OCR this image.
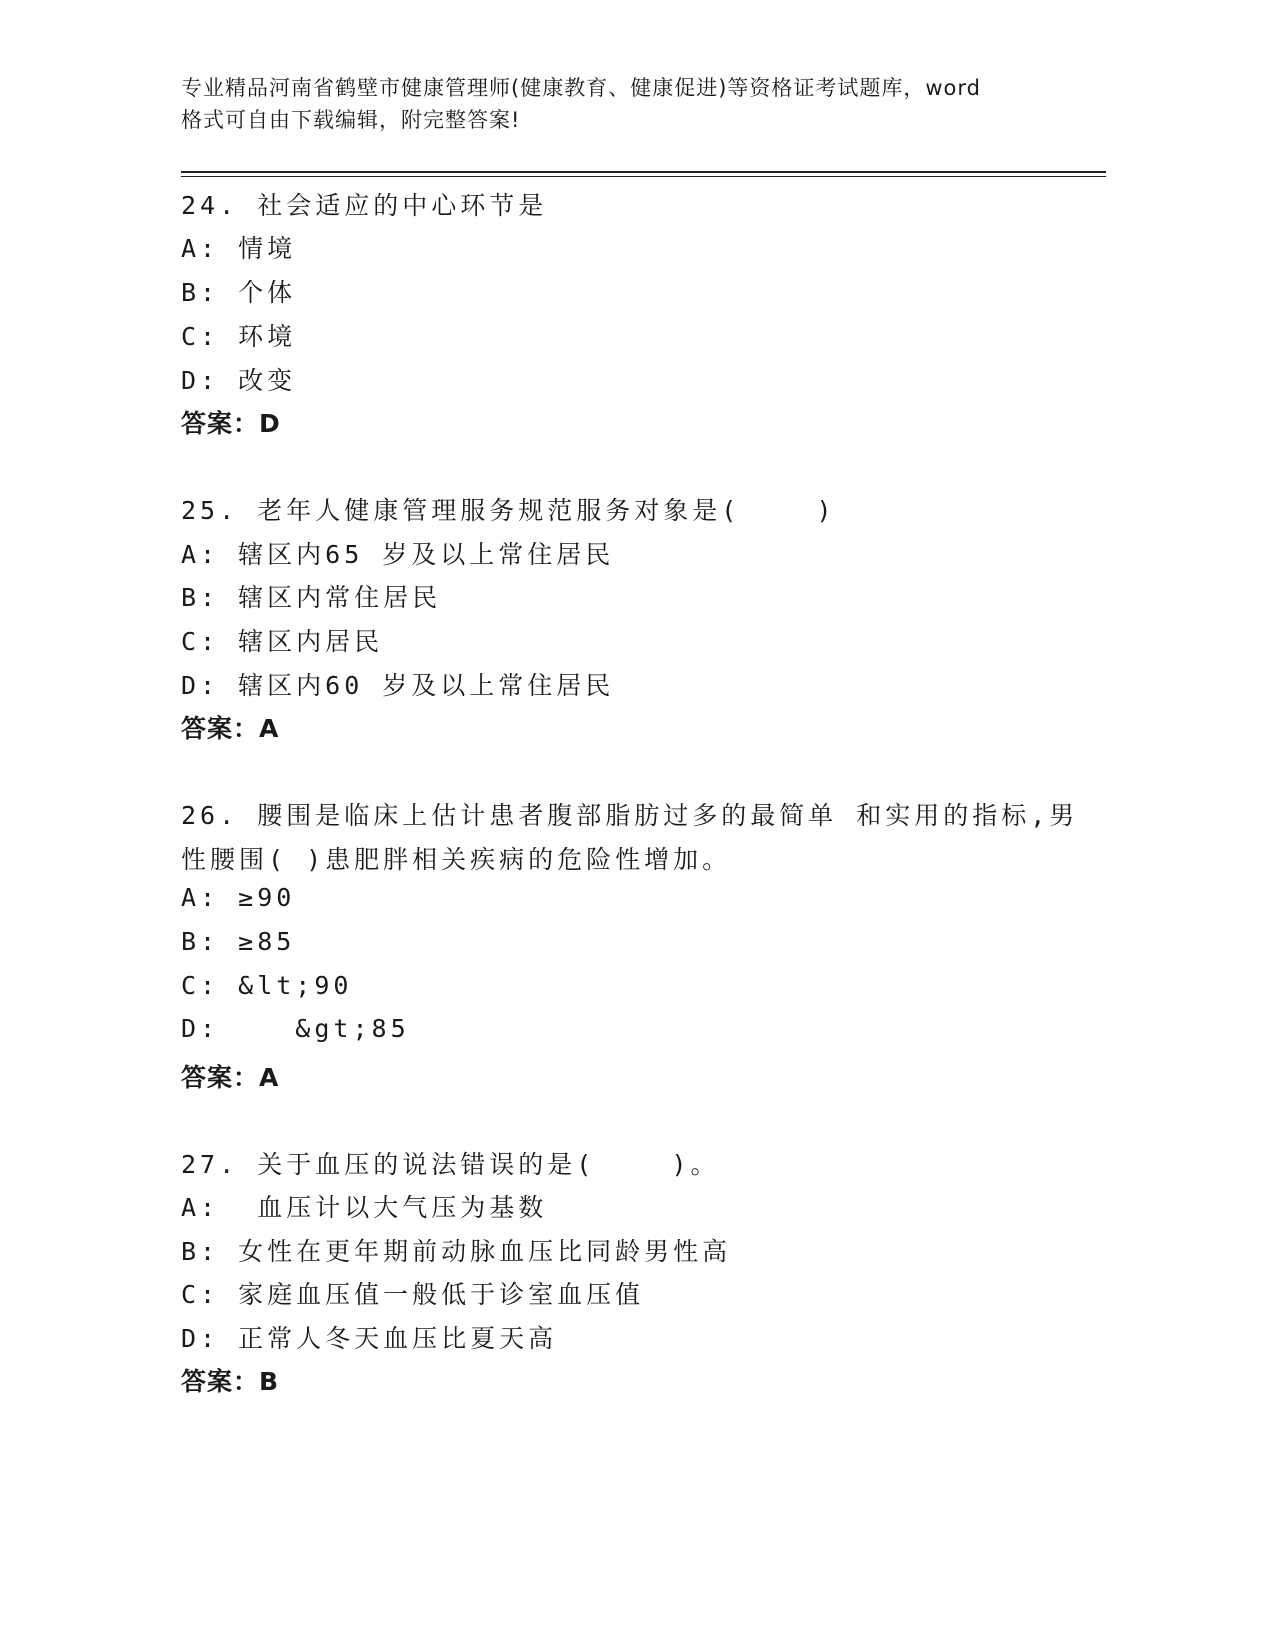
专业精品河南省鹤壁市健康管理师(健康教育、健康促进)等资格证考试题库，word
格式可自由下载编辑，附完整答案!
24. 社会适应的中心环节是
A: 情境
B: 个体
C: 环境
D: 改变
答案：D
25. 老年人健康管理服务规范服务对象是(    )
A: 辖区内65 岁及以上常住居民
B: 辖区内常住居民
C: 辖区内居民
D: 辖区内60 岁及以上常住居民
答案：A
26. 腰围是临床上估计患者腹部脂肪过多的最简单 和实用的指标,男
性腰围( )患肥胖相关疾病的危险性增加。
A: ≥90
B: ≥85
C: &lt;90
D:    &gt;85
答案：A
27. 关于血压的说法错误的是(    )。
A:  血压计以大气压为基数
B: 女性在更年期前动脉血压比同龄男性高
C: 家庭血压值一般低于诊室血压值
D: 正常人冬天血压比夏天高
答案：B
